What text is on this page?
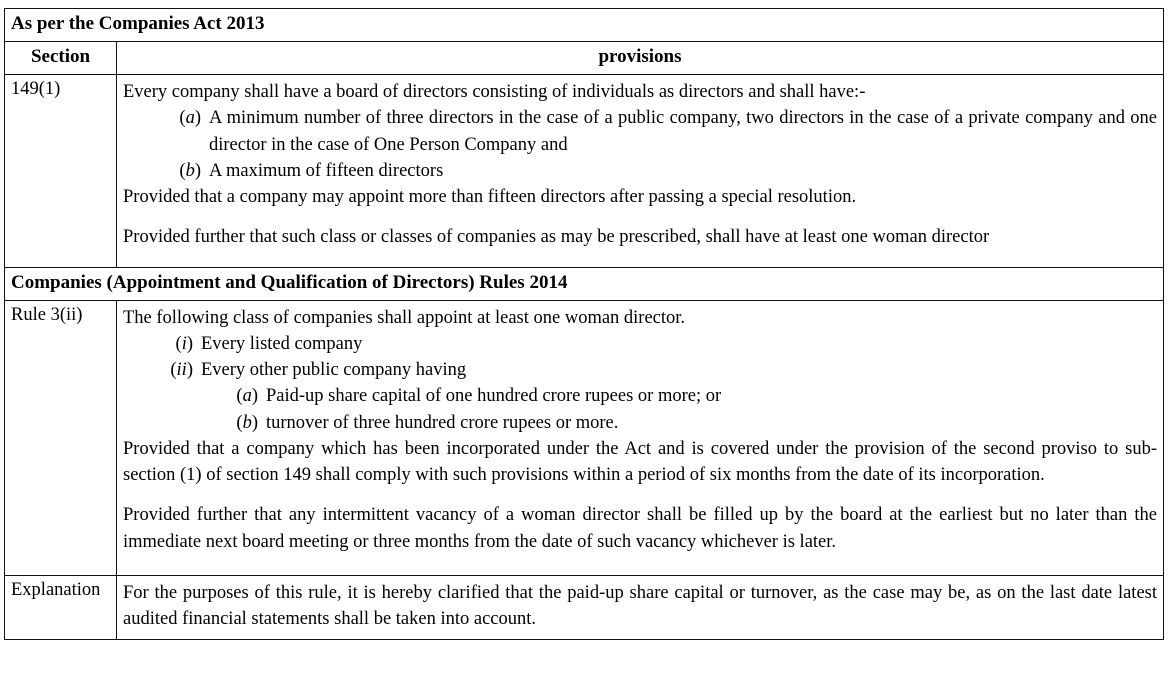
As per the Companies Act 2013	
Section	provisions
149(1)	Every company shall have a board of directors consisting of individuals as directors and shall have:-
(a) A minimum number of three directors in the case of a public company, two directors in the case of a private company and one director in the case of One Person Company and
(b) A maximum of fifteen directors
Provided that a company may appoint more than fifteen directors after passing a special resolution.
Provided further that such class or classes of companies as may be prescribed, shall have at least one woman director

Companies (Appointment and Qualification of Directors) Rules 2014	
Rule 3(ii)	The following class of companies shall appoint at least one woman director.
(i) Every listed company
(ii) Every other public company having
(a) Paid-up share capital of one hundred crore rupees or more; or
(b) turnover of three hundred crore rupees or more.
Provided that a company which has been incorporated under the Act and is covered under the provision of the second proviso to sub-section (1) of section 149 shall comply with such provisions within a period of six months from the date of its incorporation.
Provided further that any intermittent vacancy of a woman director shall be filled up by the board at the earliest but no later than the immediate next board meeting or three months from the date of such vacancy whichever is later.

Explanation	For the purposes of this rule, it is hereby clarified that the paid-up share capital or turnover, as the case may be, as on the last date latest audited financial statements shall be taken into account.
